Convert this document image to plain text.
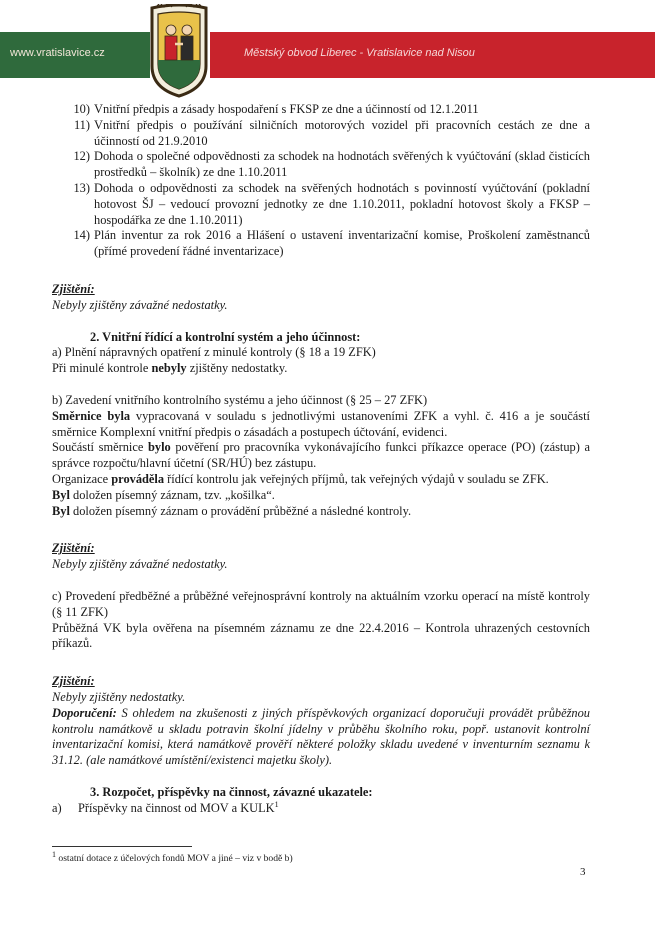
www.vratislavice.cz	Městský obvod Liberec - Vratislavice nad Nisou
10) Vnitřní předpis a zásady hospodaření s FKSP ze dne a účinností od 12.1.2011
11) Vnitřní předpis o používání silničních motorových vozidel při pracovních cestách ze dne a účinností od 21.9.2010
12) Dohoda o společné odpovědnosti za schodek na hodnotách svěřených k vyúčtování (sklad čisticích prostředků – školník) ze dne 1.10.2011
13) Dohoda o odpovědnosti za schodek na svěřených hodnotách s povinností vyúčtování (pokladní hotovost ŠJ – vedoucí provozní jednotky ze dne 1.10.2011, pokladní hotovost školy a FKSP – hospodářka ze dne 1.10.2011)
14) Plán inventur za rok 2016 a Hlášení o ustavení inventarizační komise, Proškolení zaměstnanců (přímé provedení řádné inventarizace)

Zjištění:

Nebyly zjištěny závažné nedostatky.

2. Vnitřní řídící a kontrolní systém a jeho účinnost:

a) Plnění nápravných opatření z minulé kontroly (§ 18 a 19 ZFK)

Při minulé kontrole nebyly zjištěny nedostatky.

b) Zavedení vnitřního kontrolního systému a jeho účinnost (§ 25 – 27 ZFK)

Směrnice byla vypracovaná v souladu s jednotlivými ustanoveními ZFK a vyhl. č. 416 a je součástí směrnice Komplexní vnitřní předpis o zásadách a postupech účtování, evidenci.

Součástí směrnice bylo pověření pro pracovníka vykonávajícího funkci příkazce operace (PO) (zástup) a správce rozpočtu/hlavní účetní (SR/HÚ) bez zástupu.

Organizace prováděla řídící kontrolu jak veřejných příjmů, tak veřejných výdajů v souladu se ZFK.

Byl doložen písemný záznam, tzv. „košilka“.

Byl doložen písemný záznam o provádění průběžné a následné kontroly.

Zjištění:

Nebyly zjištěny závažné nedostatky.

c) Provedení předběžné a průběžné veřejnosprávní kontroly na aktuálním vzorku operací na místě kontroly (§ 11 ZFK)

Průběžná VK byla ověřena na písemném záznamu ze dne 22.4.2016 – Kontrola uhrazených cestovních příkazů.

Zjištění:

Nebyly zjištěny nedostatky.

Doporučení: S ohledem na zkušenosti z jiných příspěvkových organizací doporučuji provádět průběžnou kontrolu namátkově u skladu potravin školní jídelny v průběhu školního roku, popř. ustanovit kontrolní inventarizační komisi, která namátkově prověří některé položky skladu uvedené v inventurním seznamu k 31.12. (ale namátkové umístění/existenci majetku školy).

3. Rozpočet, příspěvky na činnost, závazné ukazatele:

a)	Příspěvky na činnost od MOV a KULK$^1$
$^1$ ostatní dotace z účelových fondů MOV a jiné – viz v bodě b)
3
